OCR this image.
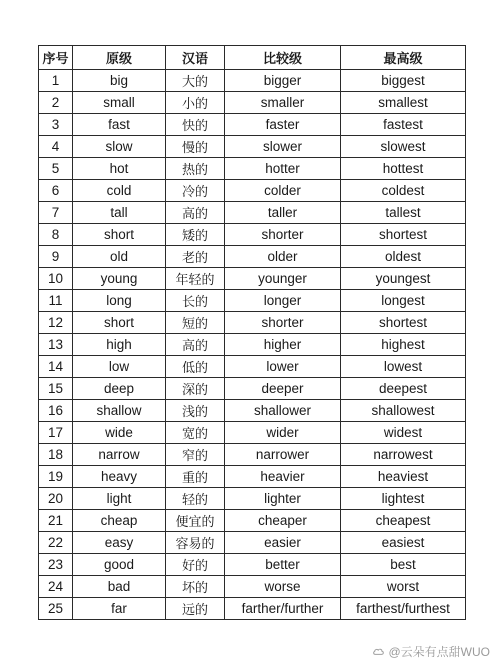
序号	原级	汉语	比较级	最高级
1	big	大的	bigger	biggest
2	small	小的	smaller	smallest
3	fast	快的	faster	fastest
4	slow	慢的	slower	slowest
5	hot	热的	hotter	hottest
6	cold	冷的	colder	coldest
7	tall	高的	taller	tallest
8	short	矮的	shorter	shortest
9	old	老的	older	oldest
10	young	年轻的	younger	youngest
11	long	长的	longer	longest
12	short	短的	shorter	shortest
13	high	高的	higher	highest
14	low	低的	lower	lowest
15	deep	深的	deeper	deepest
16	shallow	浅的	shallower	shallowest
17	wide	宽的	wider	widest
18	narrow	窄的	narrower	narrowest
19	heavy	重的	heavier	heaviest
20	light	轻的	lighter	lightest
21	cheap	便宜的	cheaper	cheapest
22	easy	容易的	easier	easiest
23	good	好的	better	best
24	bad	坏的	worse	worst
25	far	远的	farther/further	farthest/furthest
@云朵有点甜WUO
